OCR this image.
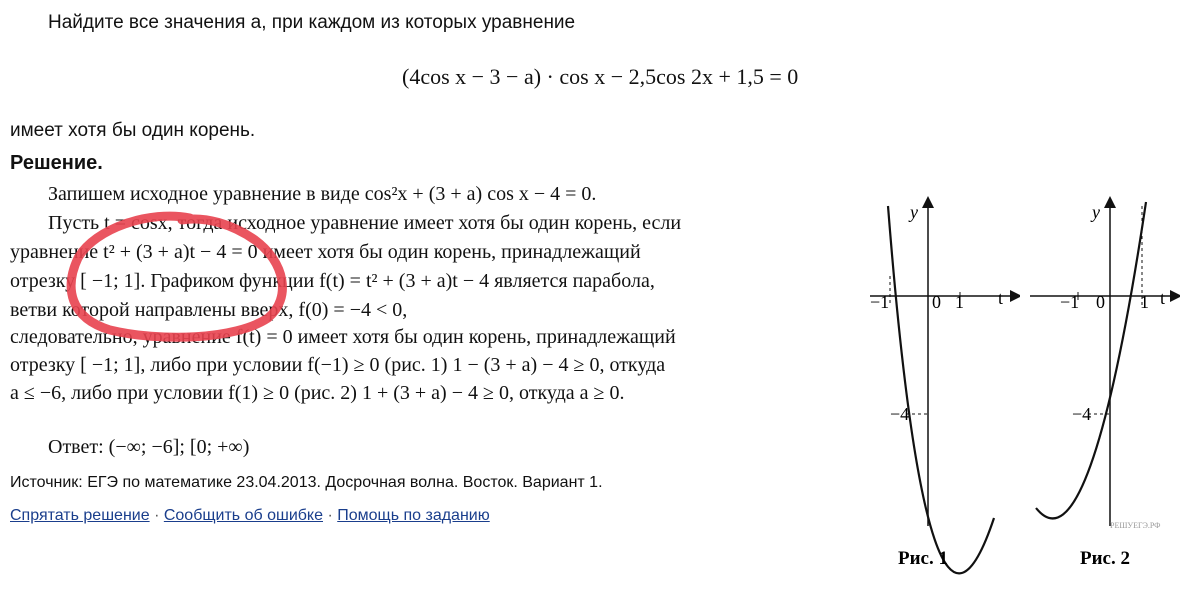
Найдите все значения a, при каждом из которых уравнение
(4cos x − 3 − a) · cos x − 2,5cos 2x + 1,5 = 0
имеет хотя бы один корень.
Решение.
Запишем исходное уравнение в виде cos²x + (3 + a) cos x − 4 = 0.
Пусть t = cosx, тогда исходное уравнение имеет хотя бы один корень, если
уравнение t² + (3 + a)t − 4 = 0 имеет хотя бы один корень, принадлежащий
отрезку [ −1; 1]. Графиком функции f(t) = t² + (3 + a)t − 4 является парабола,
ветви которой направлены вверх, f(0) = −4 < 0,
следовательно, уравнение f(t) = 0 имеет хотя бы один корень, принадлежащий
отрезку [ −1; 1], либо при условии f(−1) ≥ 0 (рис. 1) 1 − (3 + a) − 4 ≥ 0, откуда
a ≤ −6, либо при условии f(1) ≥ 0 (рис. 2) 1 + (3 + a) − 4 ≥ 0, откуда a ≥ 0.
Ответ: (−∞; −6]; [0; +∞)
Источник: ЕГЭ по математике 23.04.2013. Досрочная волна. Восток. Вариант 1.
Спрятать решение · Сообщить об ошибке · Помощь по заданию
y
t
−1 0 1
−4
Рис. 1
y
t
−1 0 1
−4
РЕШУЕГЭ.РФ
Рис. 2
